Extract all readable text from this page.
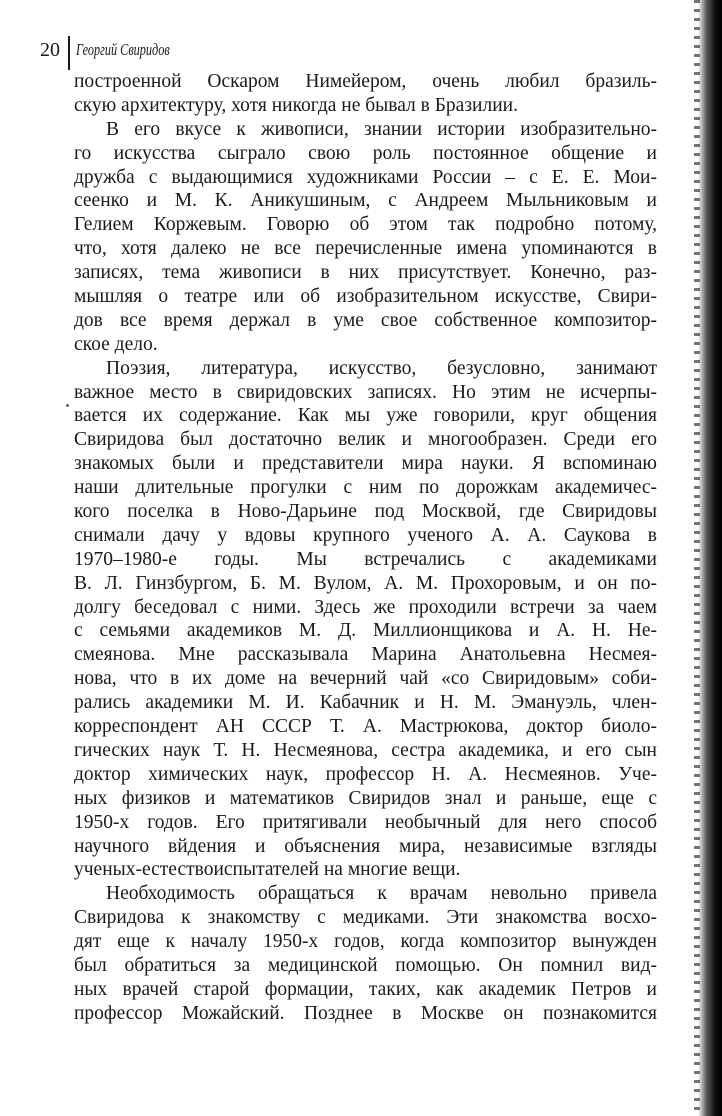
20 Георгий Свиридов
построенной Оскаром Нимейером, очень любил бразиль-
скую архитектуру, хотя никогда не бывал в Бразилии.
В его вкусе к живописи, знании истории изобразительно-
го искусства сыграло свою роль постоянное общение и
дружба с выдающимися художниками России – с Е. Е. Мои-
сеенко и М. К. Аникушиным, с Андреем Мыльниковым и
Гелием Коржевым. Говорю об этом так подробно потому,
что, хотя далеко не все перечисленные имена упоминаются в
записях, тема живописи в них присутствует. Конечно, раз-
мышляя о театре или об изобразительном искусстве, Свири-
дов все время держал в уме свое собственное композитор-
ское дело.
Поэзия, литература, искусство, безусловно, занимают
важное место в свиридовских записях. Но этим не исчерпы-
вается их содержание. Как мы уже говорили, круг общения
Свиридова был достаточно велик и многообразен. Среди его
знакомых были и представители мира науки. Я вспоминаю
наши длительные прогулки с ним по дорожкам академичес-
кого поселка в Ново-Дарьине под Москвой, где Свиридовы
снимали дачу у вдовы крупного ученого А. А. Саукова в
1970–1980-е годы. Мы встречались с академиками
В. Л. Гинзбургом, Б. М. Вулом, А. М. Прохоровым, и он по-
долгу беседовал с ними. Здесь же проходили встречи за чаем
с семьями академиков М. Д. Миллионщикова и А. Н. Не-
смеянова. Мне рассказывала Марина Анатольевна Несмея-
нова, что в их доме на вечерний чай «со Свиридовым» соби-
рались академики М. И. Кабачник и Н. М. Эмануэль, член-
корреспондент АН СССР Т. А. Мастрюкова, доктор биоло-
гических наук Т. Н. Несмеянова, сестра академика, и его сын
доктор химических наук, профессор Н. А. Несмеянов. Уче-
ных физиков и математиков Свиридов знал и раньше, еще с
1950-х годов. Его притягивали необычный для него способ
научного вйдения и объяснения мира, независимые взгляды
ученых-естествоиспытателей на многие вещи.
Необходимость обращаться к врачам невольно привела
Свиридова к знакомству с медиками. Эти знакомства восхо-
дят еще к началу 1950-х годов, когда композитор вынужден
был обратиться за медицинской помощью. Он помнил вид-
ных врачей старой формации, таких, как академик Петров и
профессор Можайский. Позднее в Москве он познакомится
